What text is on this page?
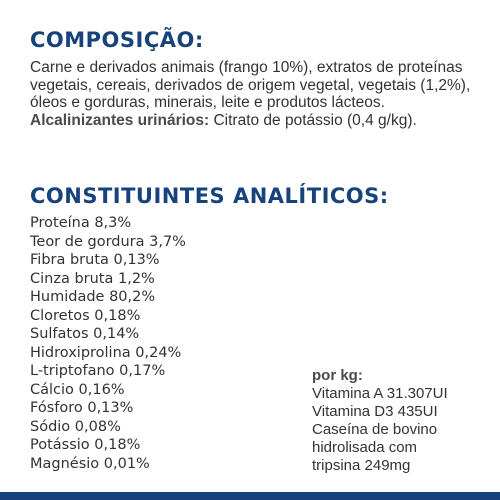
COMPOSIÇÃO:
Carne e derivados animais (frango 10%), extratos de proteínas vegetais, cereais, derivados de origem vegetal, vegetais (1,2%), óleos e gorduras, minerais, leite e produtos lácteos.
Alcalinizantes urinários: Citrato de potássio (0,4 g/kg).
CONSTITUINTES ANALÍTICOS:
Proteína 8,3%
Teor de gordura 3,7%
Fibra bruta 0,13%
Cinza bruta 1,2%
Humidade 80,2%
Cloretos 0,18%
Sulfatos 0,14%
Hidroxiprolina 0,24%
L-triptofano 0,17%
Cálcio 0,16%
Fósforo 0,13%
Sódio 0,08%
Potássio 0,18%
Magnésio 0,01%
por kg:
Vitamina A 31.307UI
Vitamina D3 435UI
Caseína de bovino
hidrolisada com
tripsina 249mg
